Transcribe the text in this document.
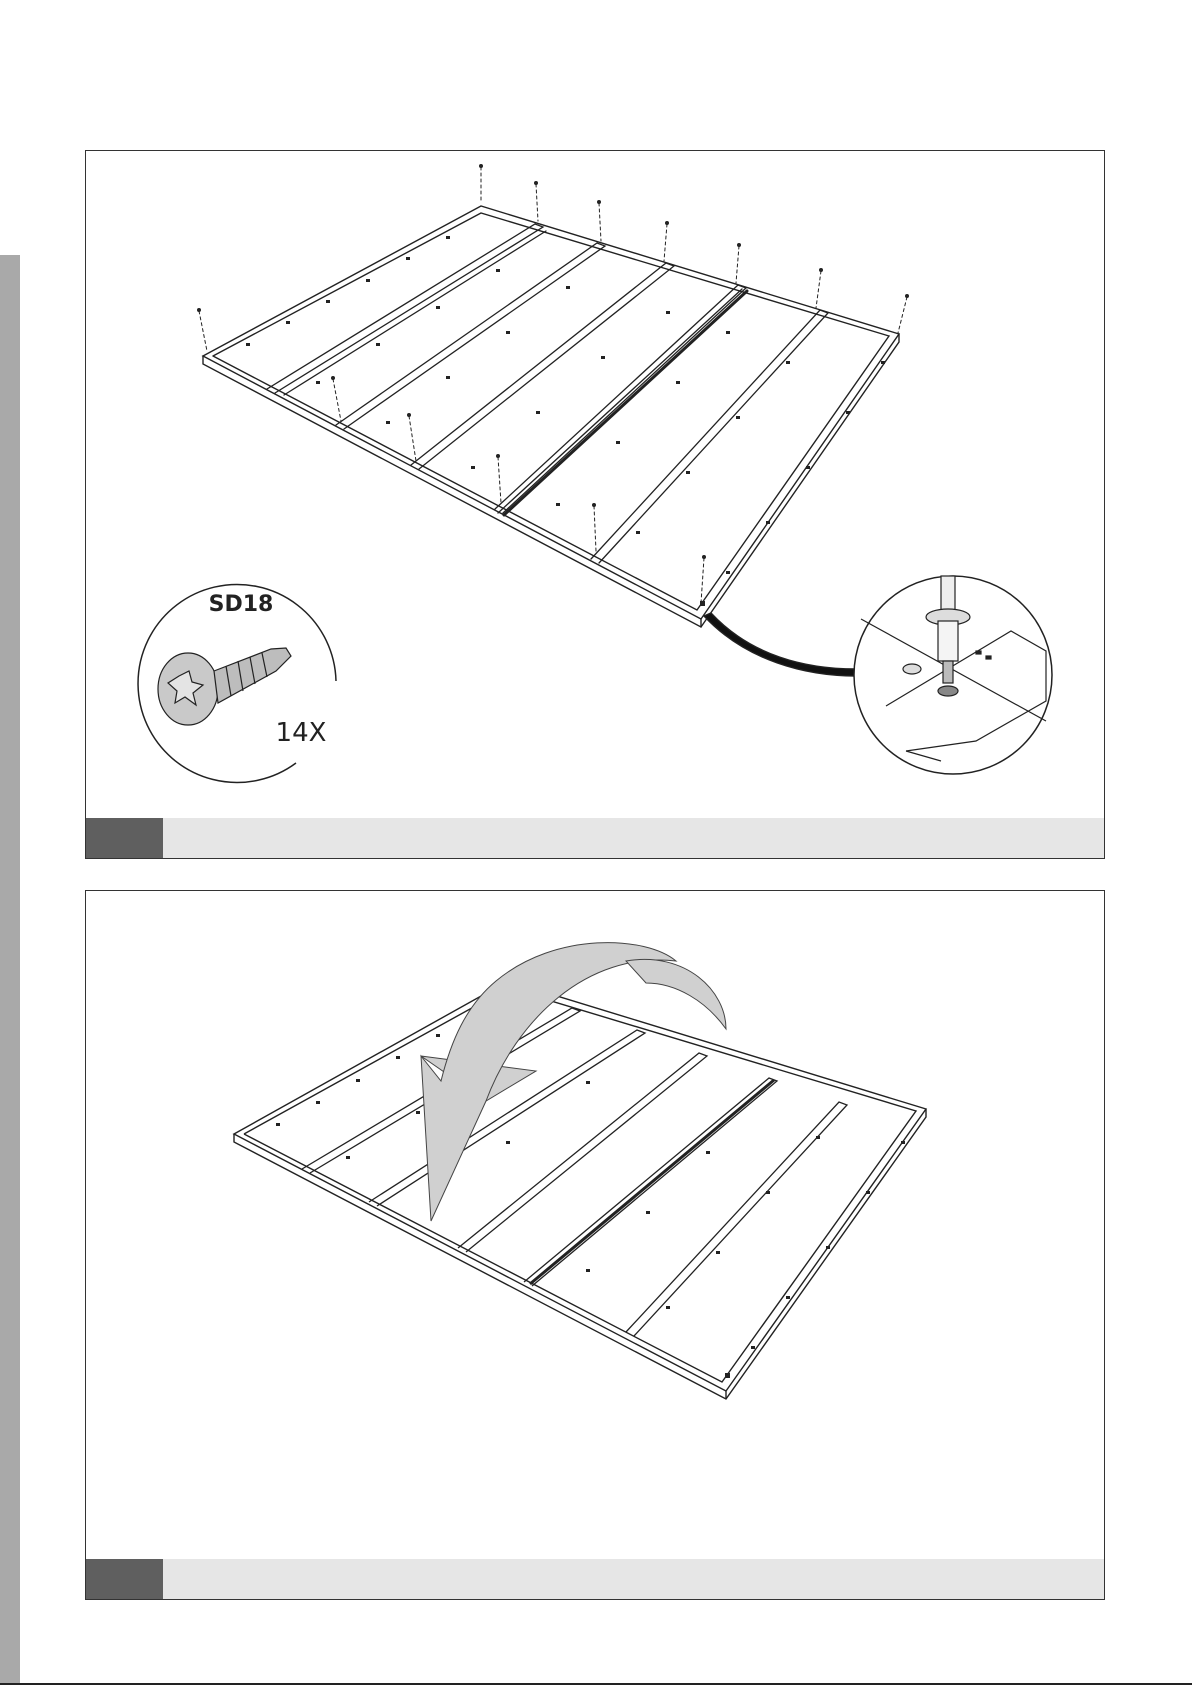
SD18
14X
